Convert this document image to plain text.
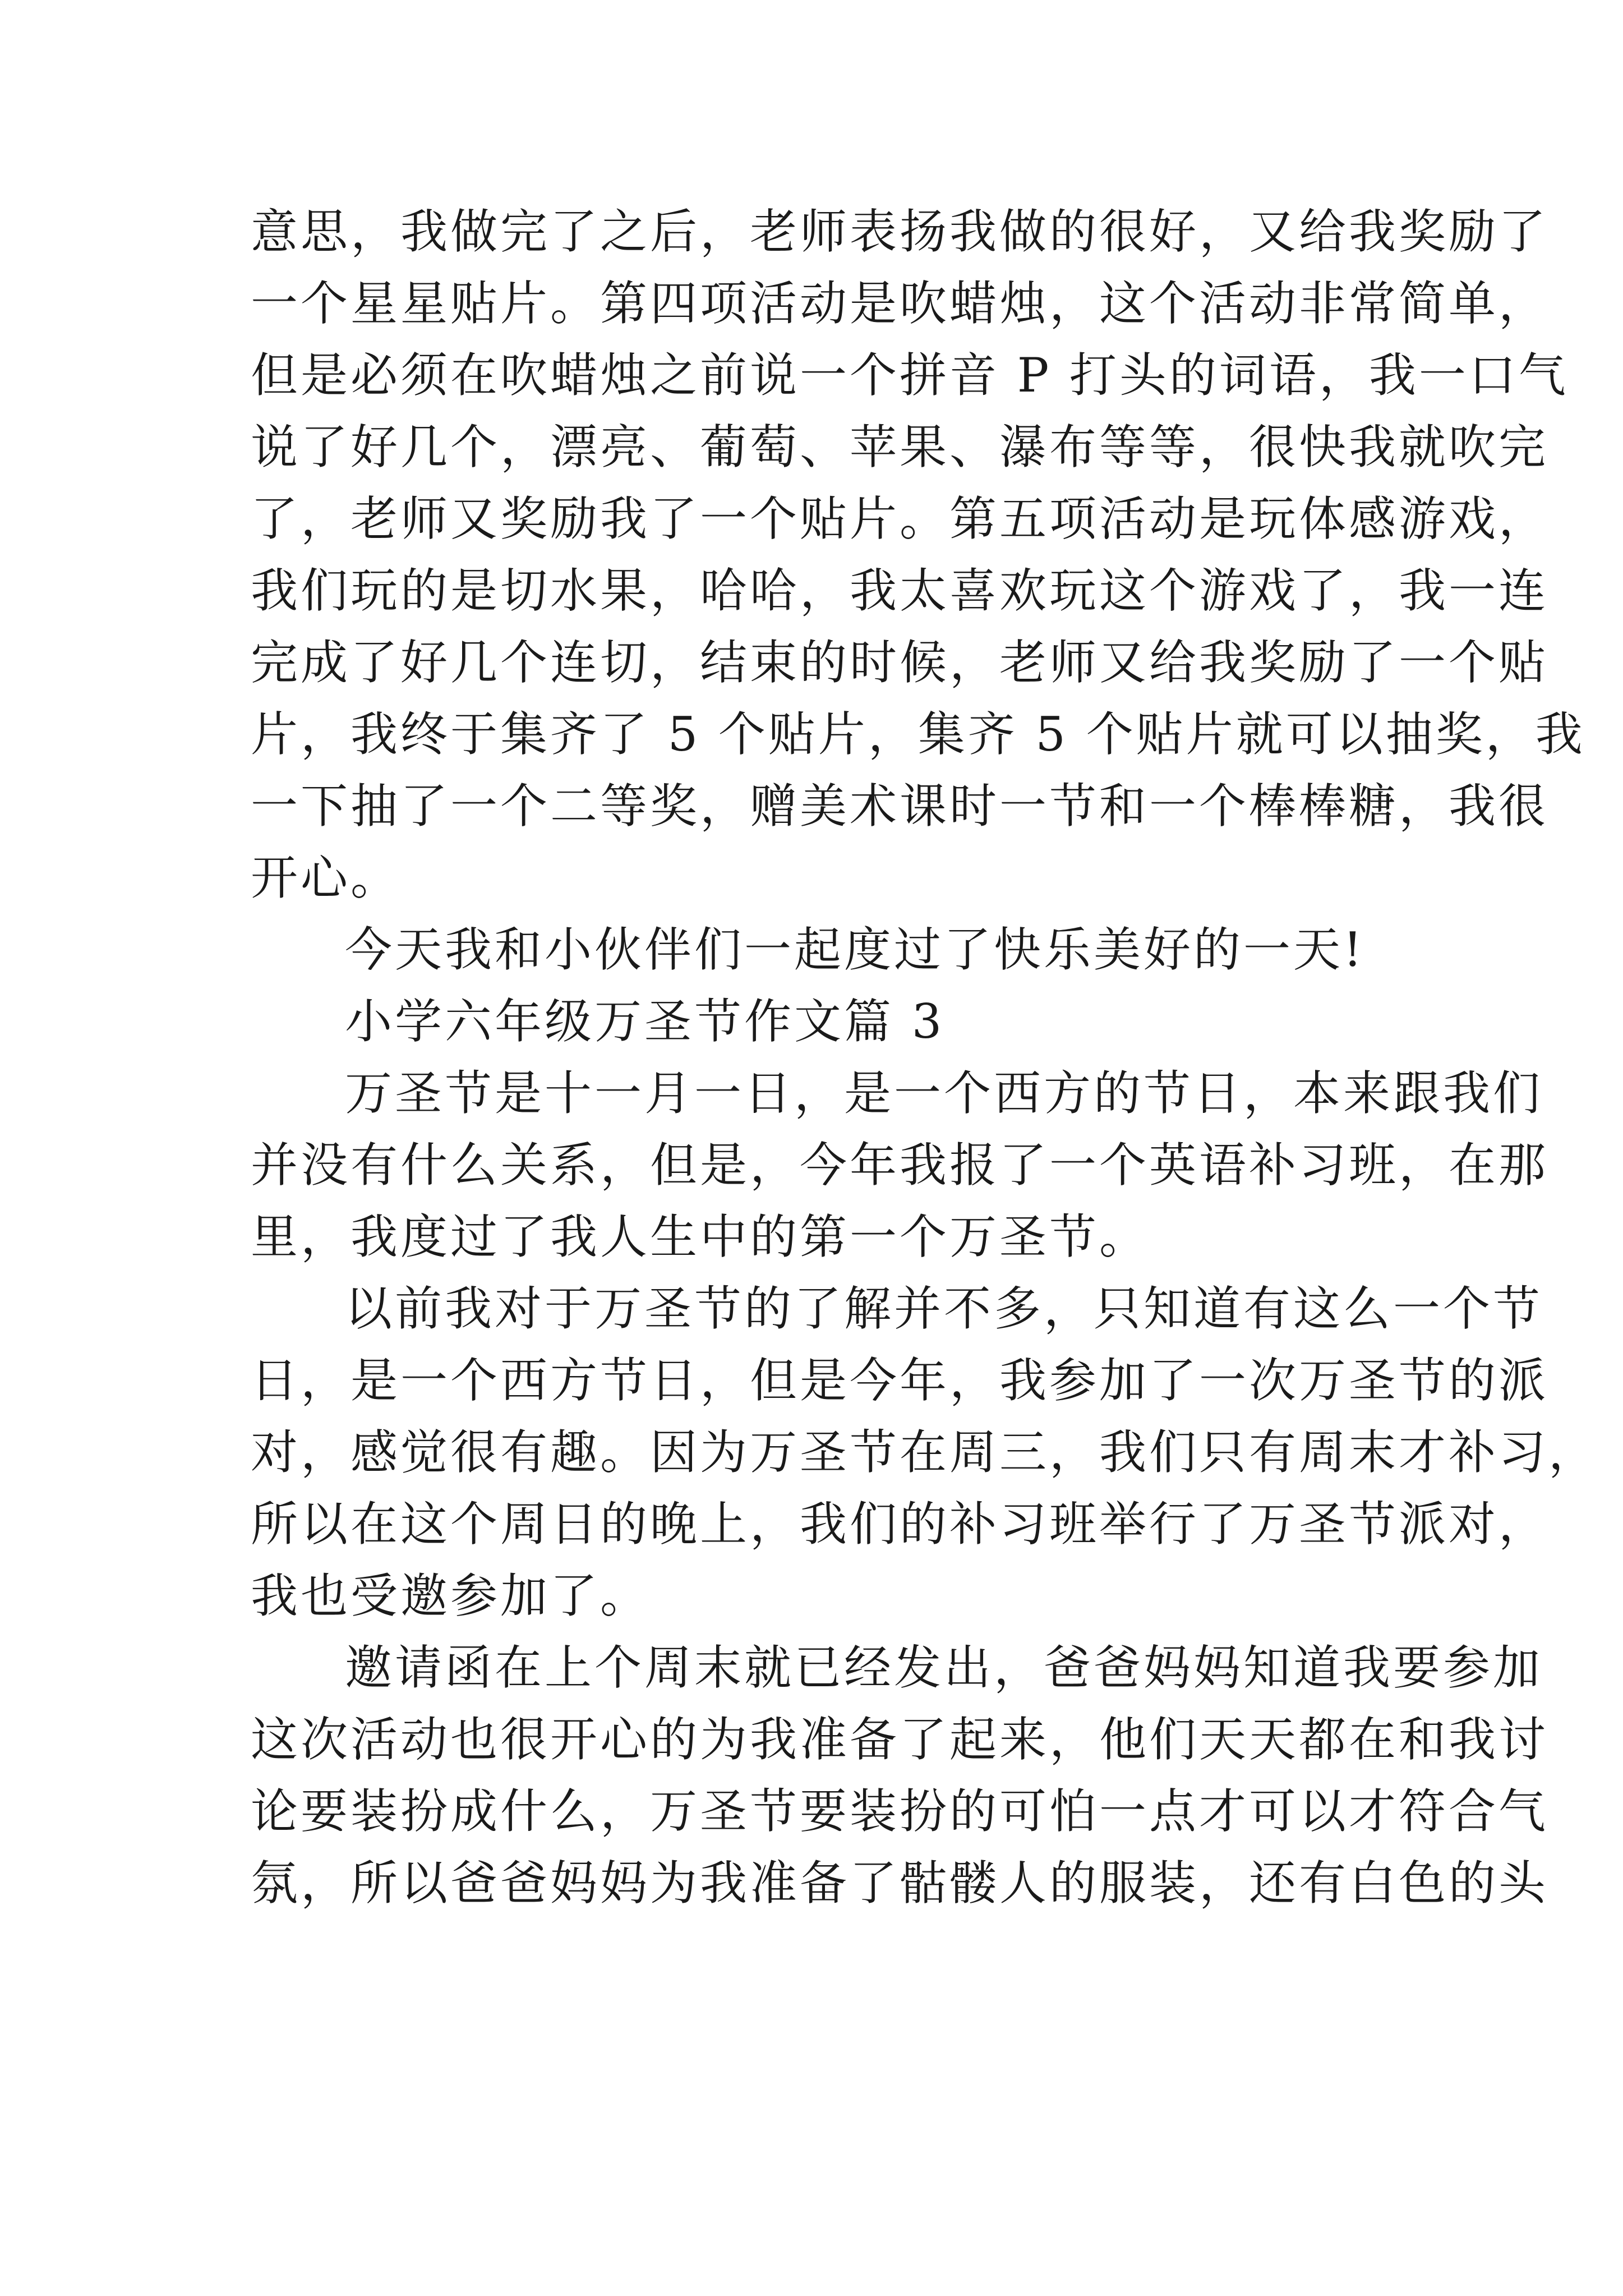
意思，我做完了之后，老师表扬我做的很好，又给我奖励了
一个星星贴片。第四项活动是吹蜡烛，这个活动非常简单，
但是必须在吹蜡烛之前说一个拼音 P 打头的词语，我一口气
说了好几个，漂亮、葡萄、苹果、瀑布等等，很快我就吹完
了，老师又奖励我了一个贴片。第五项活动是玩体感游戏，
我们玩的是切水果，哈哈，我太喜欢玩这个游戏了，我一连
完成了好几个连切，结束的时候，老师又给我奖励了一个贴
片，我终于集齐了 5 个贴片，集齐 5 个贴片就可以抽奖，我
一下抽了一个二等奖，赠美术课时一节和一个棒棒糖，我很
开心。
今天我和小伙伴们一起度过了快乐美好的一天!
小学六年级万圣节作文篇 3
万圣节是十一月一日，是一个西方的节日，本来跟我们
并没有什么关系，但是，今年我报了一个英语补习班，在那
里，我度过了我人生中的第一个万圣节。
以前我对于万圣节的了解并不多，只知道有这么一个节
日，是一个西方节日，但是今年，我参加了一次万圣节的派
对，感觉很有趣。因为万圣节在周三，我们只有周末才补习，
所以在这个周日的晚上，我们的补习班举行了万圣节派对，
我也受邀参加了。
邀请函在上个周末就已经发出，爸爸妈妈知道我要参加
这次活动也很开心的为我准备了起来，他们天天都在和我讨
论要装扮成什么，万圣节要装扮的可怕一点才可以才符合气
氛，所以爸爸妈妈为我准备了骷髅人的服装，还有白色的头
